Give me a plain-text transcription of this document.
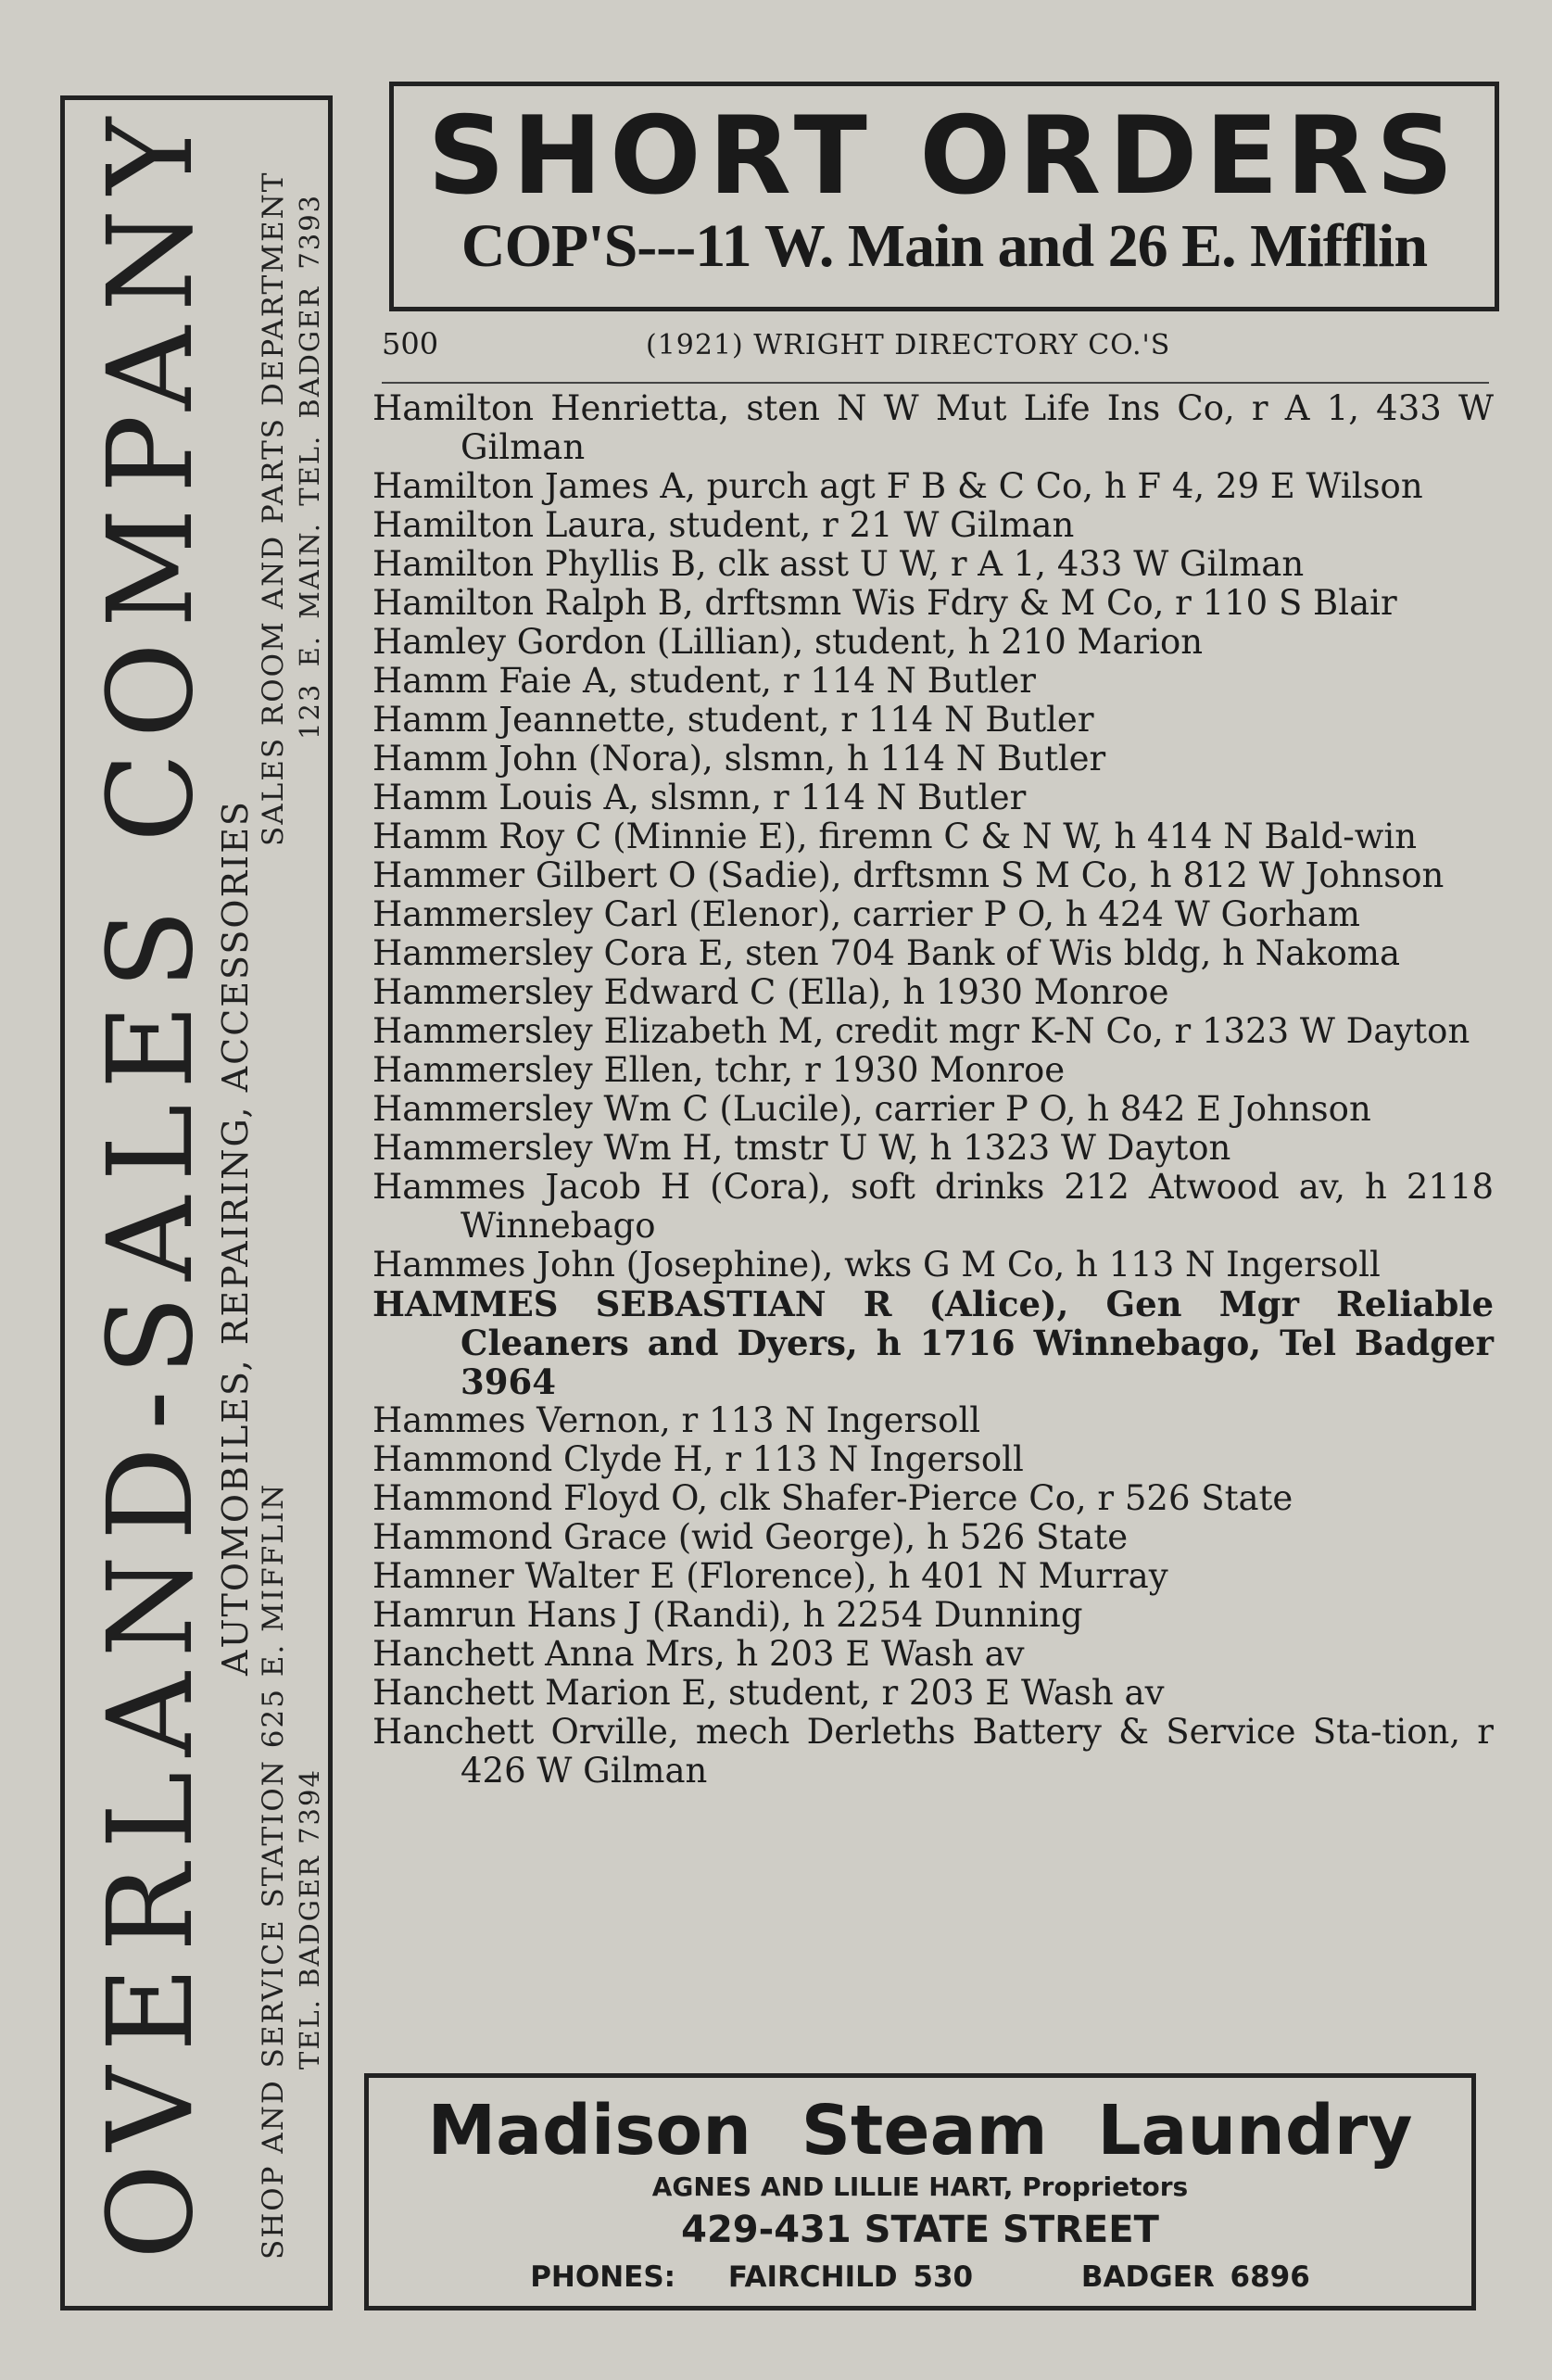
OVERLAND-SALES COMPANY
AUTOMOBILES, REPAIRING, ACCESSORIES
SHOP AND SERVICE STATION 625 E. MIFFLIN TEL. BADGER 7394
SALES ROOM AND PARTS DEPARTMENT 123 E. MAIN. TEL. BADGER 7393
SHORT ORDERS
COP'S---11 W. Main and 26 E. Mifflin
500	(1921) WRIGHT DIRECTORY CO.'S
Hamilton Henrietta, sten N W Mut Life Ins Co, r A 1, 433 W Gilman
Hamilton James A, purch agt F B & C Co, h F 4, 29 E Wilson
Hamilton Laura, student, r 21 W Gilman
Hamilton Phyllis B, clk asst U W, r A 1, 433 W Gilman
Hamilton Ralph B, drftsmn Wis Fdry & M Co, r 110 S Blair
Hamley Gordon (Lillian), student, h 210 Marion
Hamm Faie A, student, r 114 N Butler
Hamm Jeannette, student, r 114 N Butler
Hamm John (Nora), slsmn, h 114 N Butler
Hamm Louis A, slsmn, r 114 N Butler
Hamm Roy C (Minnie E), firemn C & N W, h 414 N Bald-win
Hammer Gilbert O (Sadie), drftsmn S M Co, h 812 W Johnson
Hammersley Carl (Elenor), carrier P O, h 424 W Gorham
Hammersley Cora E, sten 704 Bank of Wis bldg, h Nakoma
Hammersley Edward C (Ella), h 1930 Monroe
Hammersley Elizabeth M, credit mgr K-N Co, r 1323 W Dayton
Hammersley Ellen, tchr, r 1930 Monroe
Hammersley Wm C (Lucile), carrier P O, h 842 E Johnson
Hammersley Wm H, tmstr U W, h 1323 W Dayton
Hammes Jacob H (Cora), soft drinks 212 Atwood av, h 2118 Winnebago
Hammes John (Josephine), wks G M Co, h 113 N Ingersoll
HAMMES SEBASTIAN R (Alice), Gen Mgr Reliable Cleaners and Dyers, h 1716 Winnebago, Tel Badger 3964
Hammes Vernon, r 113 N Ingersoll
Hammond Clyde H, r 113 N Ingersoll
Hammond Floyd O, clk Shafer-Pierce Co, r 526 State
Hammond Grace (wid George), h 526 State
Hamner Walter E (Florence), h 401 N Murray
Hamrun Hans J (Randi), h 2254 Dunning
Hanchett Anna Mrs, h 203 E Wash av
Hanchett Marion E, student, r 203 E Wash av
Hanchett Orville, mech Derleths Battery & Service Sta-tion, r 426 W Gilman
Madison Steam Laundry
AGNES AND LILLIE HART, Proprietors
429-431 STATE STREET
PHONES: FAIRCHILD 530	BADGER 6896
